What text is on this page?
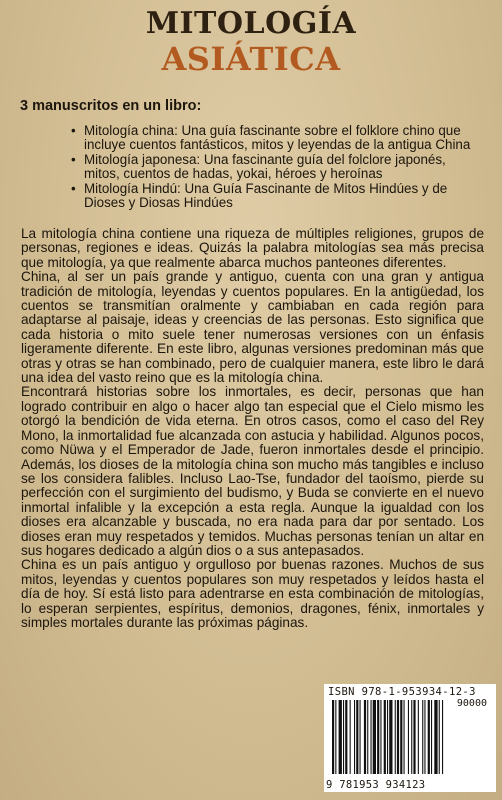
MITOLOGÍA
ASIÁTICA
3 manuscritos en un libro:
• Mitología china: Una guía fascinante sobre el folklore chino que incluye cuentos fantásticos, mitos y leyendas de la antigua China
• Mitología japonesa: Una fascinante guía del folclore japonés, mitos, cuentos de hadas, yokai, héroes y heroínas
• Mitología Hindú: Una Guía Fascinante de Mitos Hindúes y de Dioses y Diosas Hindúes

La mitología china contiene una riqueza de múltiples religiones, grupos de personas, regiones e ideas. Quizás la palabra mitologías sea más precisa que mitología, ya que realmente abarca muchos panteones diferentes.

China, al ser un país grande y antiguo, cuenta con una gran y antigua tradición de mitología, leyendas y cuentos populares. En la antigüedad, los cuentos se transmitían oralmente y cambiaban en cada región para adaptarse al paisaje, ideas y creencias de las personas. Esto significa que cada historia o mito suele tener numerosas versiones con un énfasis ligeramente diferente. En este libro, algunas versiones predominan más que otras y otras se han combinado, pero de cualquier manera, este libro le dará una idea del vasto reino que es la mitología china.

Encontrará historias sobre los inmortales, es decir, personas que han logrado contribuir en algo o hacer algo tan especial que el Cielo mismo les otorgó la bendición de vida eterna. En otros casos, como el caso del Rey Mono, la inmortalidad fue alcanzada con astucia y habilidad. Algunos pocos, como Nüwa y el Emperador de Jade, fueron inmortales desde el principio. Además, los dioses de la mitología china son mucho más tangibles e incluso se los considera falibles. Incluso Lao-Tse, fundador del taoísmo, pierde su perfección con el surgimiento del budismo, y Buda se convierte en el nuevo inmortal infalible y la excepción a esta regla. Aunque la igualdad con los dioses era alcanzable y buscada, no era nada para dar por sentado. Los dioses eran muy respetados y temidos. Muchas personas tenían un altar en sus hogares dedicado a algún dios o a sus antepasados.

China es un país antiguo y orgulloso por buenas razones. Muchos de sus mitos, leyendas y cuentos populares son muy respetados y leídos hasta el día de hoy. Sí está listo para adentrarse en esta combinación de mitologías, lo esperan serpientes, espíritus, demonios, dragones, fénix, inmortales y simples mortales durante las próximas páginas.

ISBN 978-1-953934-12-3
90000
9 781953 934123
